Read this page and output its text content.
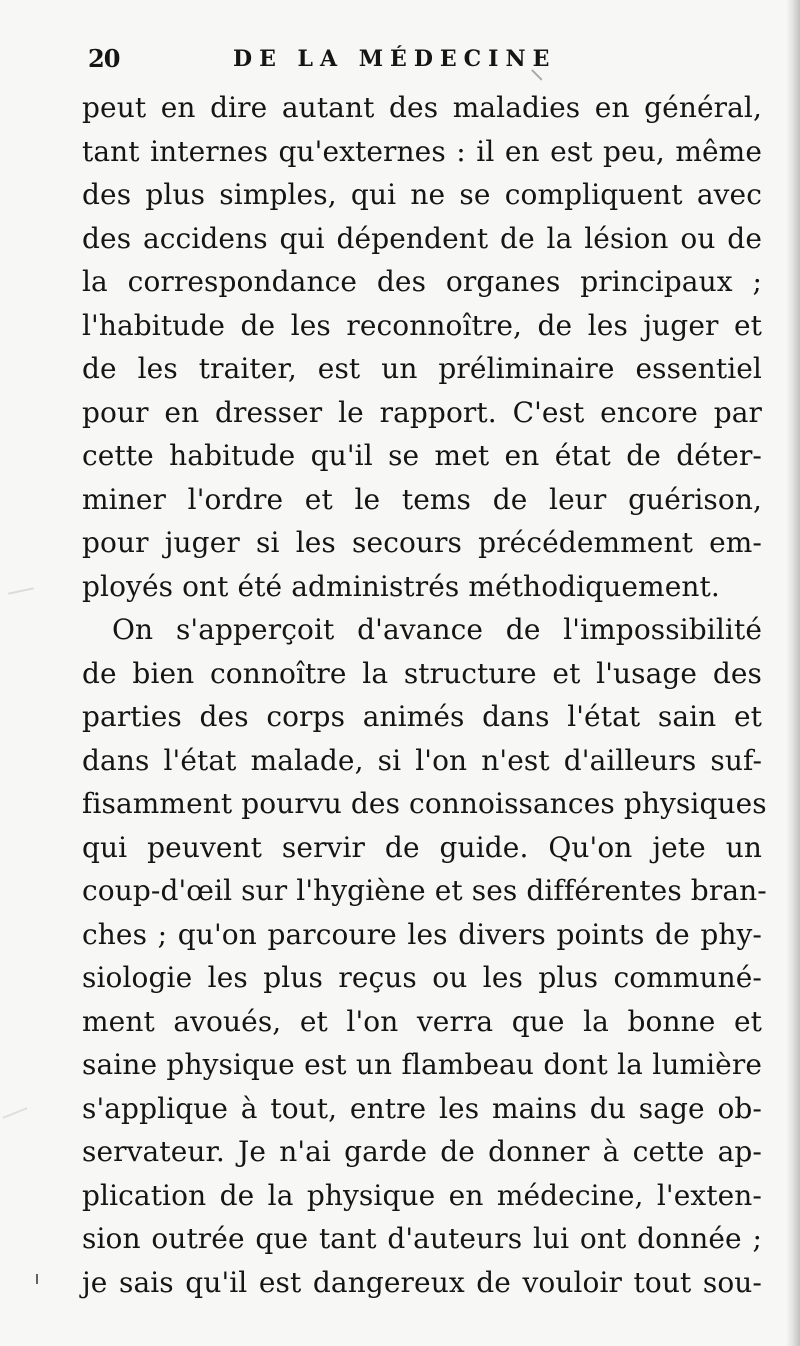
20	DE LA MÉDECINE
peut en dire autant des maladies en général,
tant internes qu'externes : il en est peu, même
des plus simples, qui ne se compliquent avec
des accidens qui dépendent de la lésion ou de
la correspondance des organes principaux ;
l'habitude de les reconnoître, de les juger et
de les traiter, est un préliminaire essentiel
pour en dresser le rapport. C'est encore par
cette habitude qu'il se met en état de déter-
miner l'ordre et le tems de leur guérison,
pour juger si les secours précédemment em-
ployés ont été administrés méthodiquement.
On s'apperçoit d'avance de l'impossibilité
de bien connoître la structure et l'usage des
parties des corps animés dans l'état sain et
dans l'état malade, si l'on n'est d'ailleurs suf-
fisamment pourvu des connoissances physiques
qui peuvent servir de guide. Qu'on jete un
coup-d'œil sur l'hygiène et ses différentes bran-
ches ; qu'on parcoure les divers points de phy-
siologie les plus reçus ou les plus communé-
ment avoués, et l'on verra que la bonne et
saine physique est un flambeau dont la lumière
s'applique à tout, entre les mains du sage ob-
servateur. Je n'ai garde de donner à cette ap-
plication de la physique en médecine, l'exten-
sion outrée que tant d'auteurs lui ont donnée ;
je sais qu'il est dangereux de vouloir tout sou-
